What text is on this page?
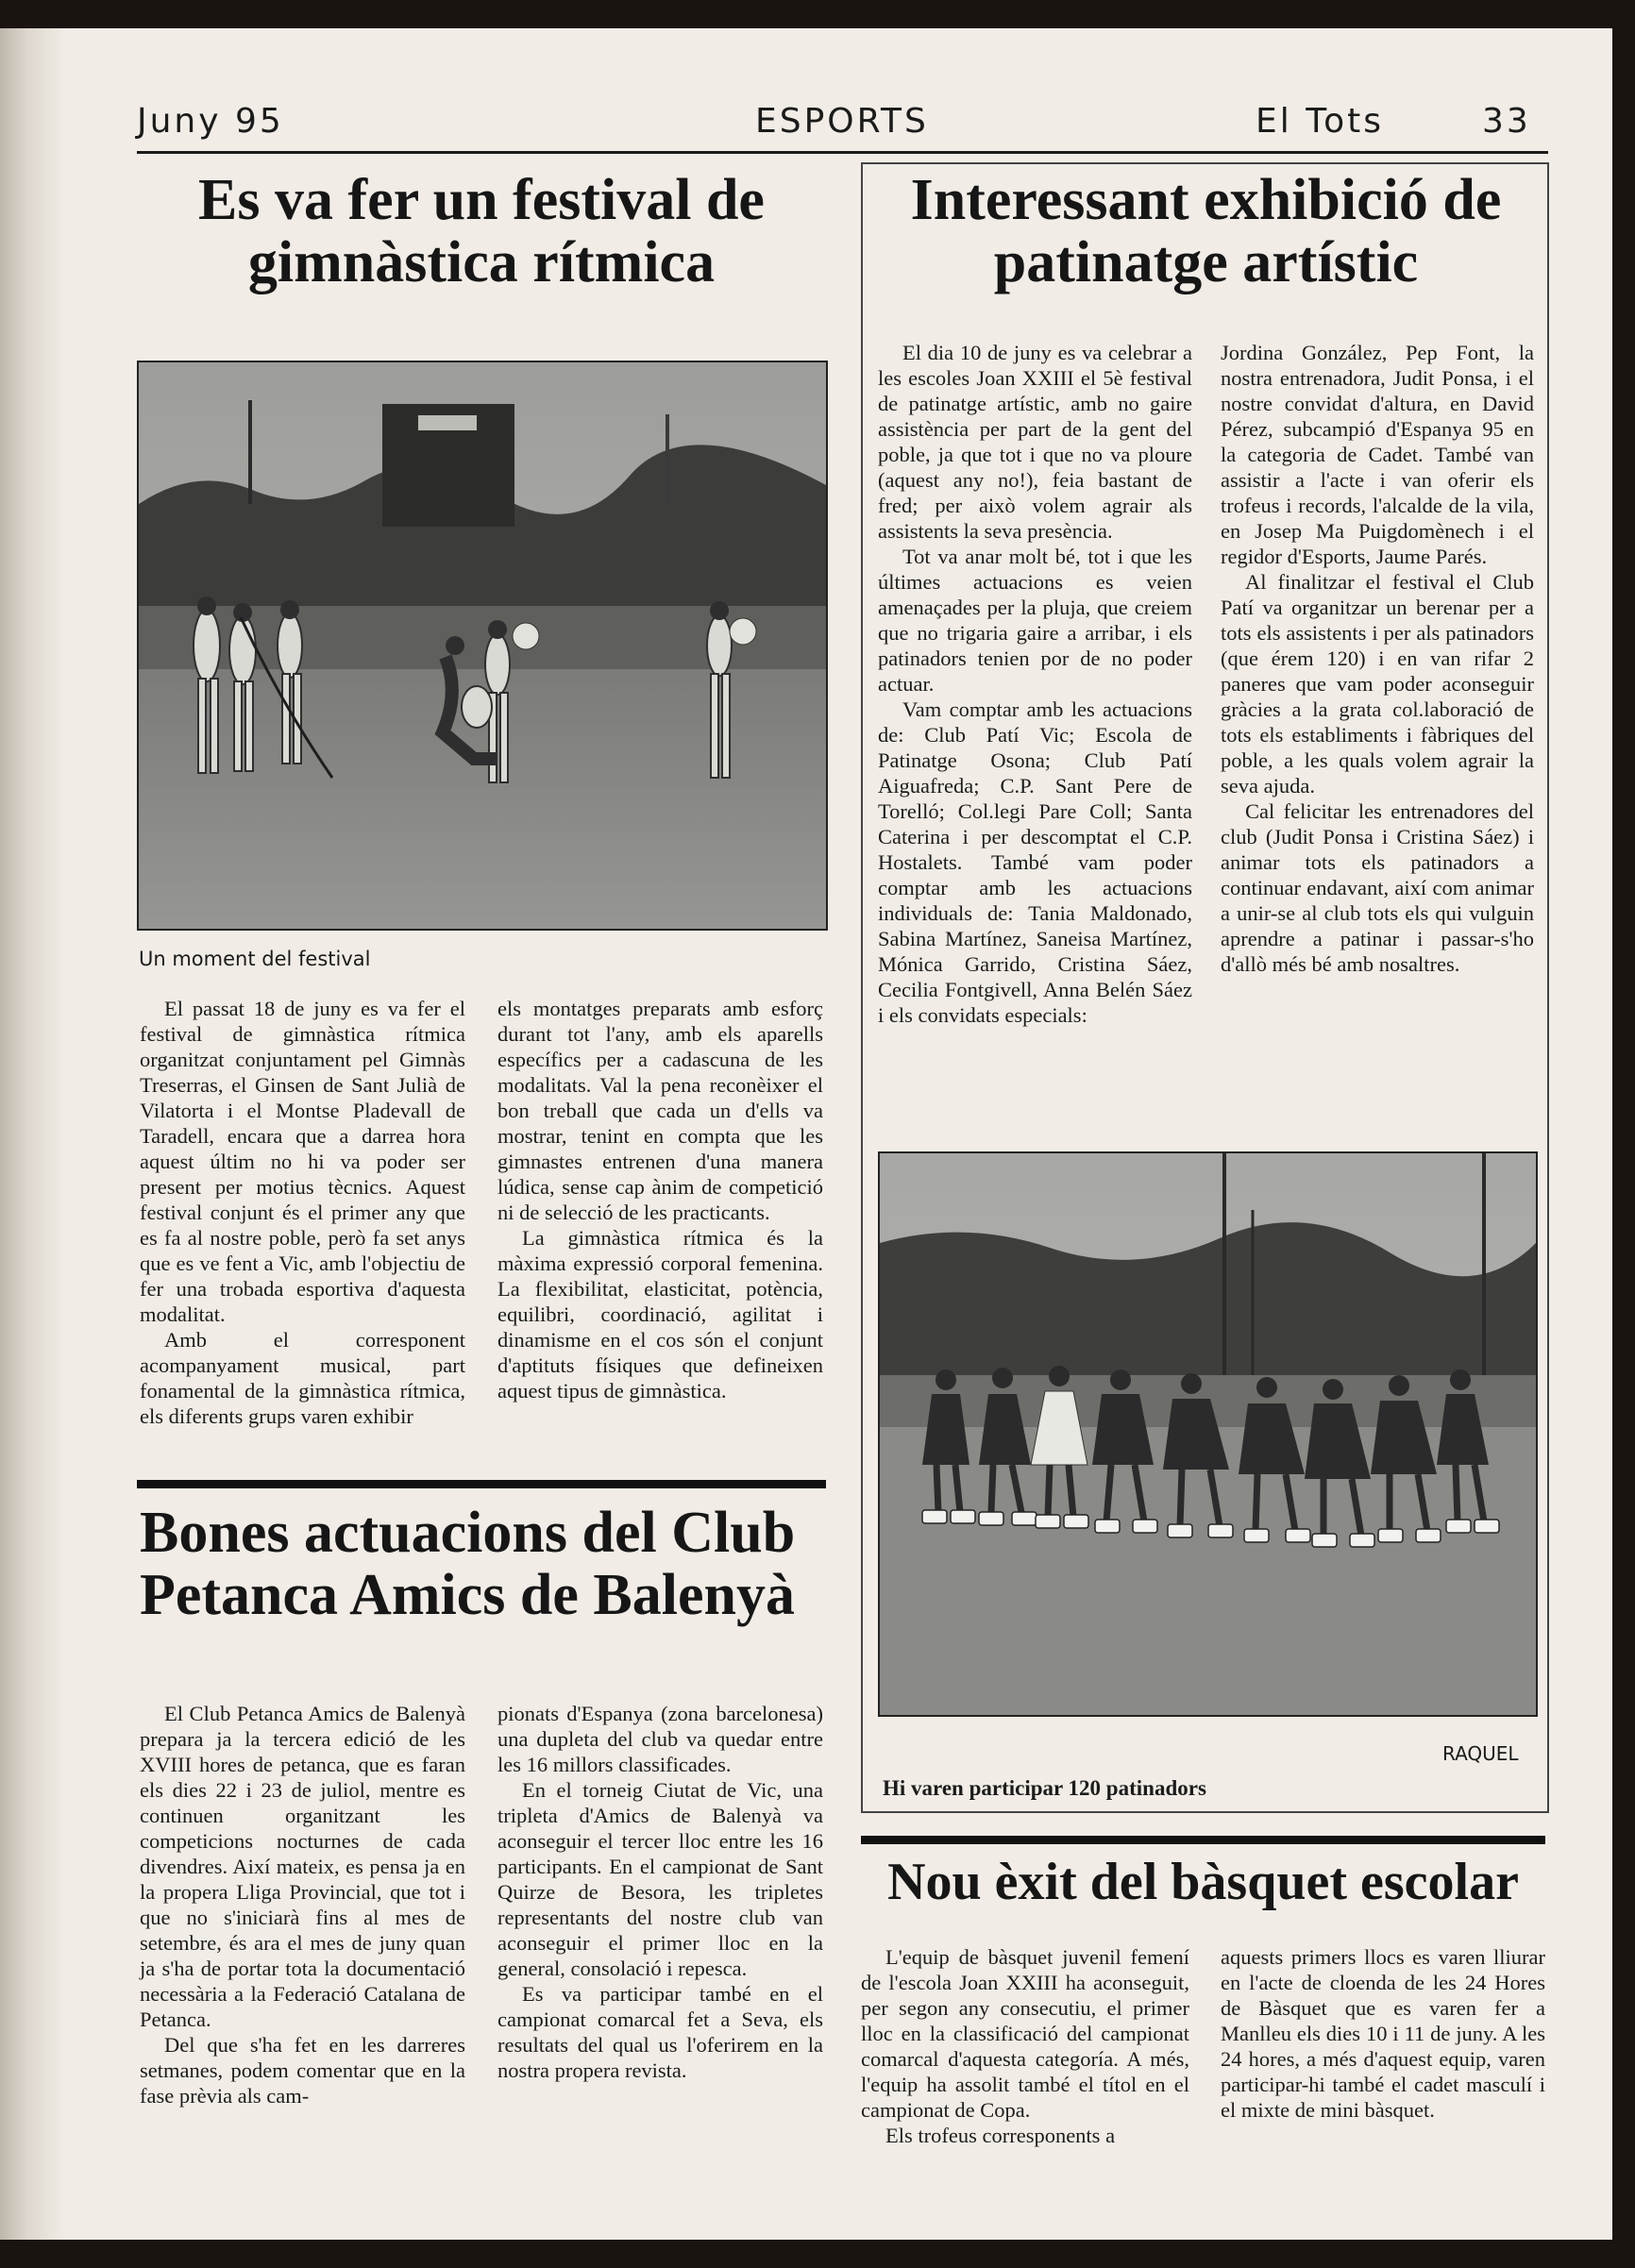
Juny 95	ESPORTS	El Tots	33
Es va fer un festival de gimnàstica rítmica
Un moment del festival

El passat 18 de juny es va fer el festival de gimnàstica rítmica organitzat conjuntament pel Gimnàs Treserras, el Ginsen de Sant Julià de Vilatorta i el Montse Pladevall de Taradell, encara que a darrea hora aquest últim no hi va poder ser present per motius tècnics. Aquest festival conjunt és el primer any que es fa al nostre poble, però fa set anys que es ve fent a Vic, amb l'objectiu de fer una trobada esportiva d'aquesta modalitat.

Amb el corresponent acompanyament musical, part fonamental de la gimnàstica rítmica, els diferents grups varen exhibir

els montatges preparats amb esforç durant tot l'any, amb els aparells específics per a cadascuna de les modalitats. Val la pena reconèixer el bon treball que cada un d'ells va mostrar, tenint en compta que les gimnastes entrenen d'una manera lúdica, sense cap ànim de competició ni de selecció de les practicants.

La gimnàstica rítmica és la màxima expressió corporal femenina. La flexibilitat, elasticitat, potència, equilibri, coordinació, agilitat i dinamisme en el cos són el conjunt d'aptituts físiques que defineixen aquest tipus de gimnàstica.

Bones actuacions del Club Petanca Amics de Balenyà

El Club Petanca Amics de Balenyà prepara ja la tercera edició de les XVIII hores de petanca, que es faran els dies 22 i 23 de juliol, mentre es continuen organitzant les competicions nocturnes de cada divendres. Així mateix, es pensa ja en la propera Lliga Provincial, que tot i que no s'iniciarà fins al mes de setembre, és ara el mes de juny quan ja s'ha de portar tota la documentació necessària a la Federació Catalana de Petanca.

Del que s'ha fet en les darreres setmanes, podem comentar que en la fase prèvia als cam-

pionats d'Espanya (zona barcelonesa) una dupleta del club va quedar entre les 16 millors classificades.

En el torneig Ciutat de Vic, una tripleta d'Amics de Balenyà va aconseguir el tercer lloc entre les 16 participants. En el campionat de Sant Quirze de Besora, les tripletes representants del nostre club van aconseguir el primer lloc en la general, consolació i repesca.

Es va participar també en el campionat comarcal fet a Seva, els resultats del qual us l'oferirem en la nostra propera revista.

Interessant exhibició de patinatge artístic

El dia 10 de juny es va celebrar a les escoles Joan XXIII el 5è festival de patinatge artístic, amb no gaire assistència per part de la gent del poble, ja que tot i que no va ploure (aquest any no!), feia bastant de fred; per això volem agrair als assistents la seva presència.

Tot va anar molt bé, tot i que les últimes actuacions es veien amenaçades per la pluja, que creiem que no trigaria gaire a arribar, i els patinadors tenien por de no poder actuar.

Vam comptar amb les actuacions de: Club Patí Vic; Escola de Patinatge Osona; Club Patí Aiguafreda; C.P. Sant Pere de Torelló; Col.legi Pare Coll; Santa Caterina i per descomptat el C.P. Hostalets. També vam poder comptar amb les actuacions individuals de: Tania Maldonado, Sabina Martínez, Saneisa Martínez, Mónica Garrido, Cristina Sáez, Cecilia Fontgivell, Anna Belén Sáez i els convidats especials:

Jordina González, Pep Font, la nostra entrenadora, Judit Ponsa, i el nostre convidat d'altura, en David Pérez, subcampió d'Espanya 95 en la categoria de Cadet. També van assistir a l'acte i van oferir els trofeus i records, l'alcalde de la vila, en Josep Ma Puigdomènech i el regidor d'Esports, Jaume Parés.

Al finalitzar el festival el Club Patí va organitzar un berenar per a tots els assistents i per als patinadors (que érem 120) i en van rifar 2 paneres que vam poder aconseguir gràcies a la grata col.laboració de tots els establiments i fàbriques del poble, a les quals volem agrair la seva ajuda.

Cal felicitar les entrenadores del club (Judit Ponsa i Cristina Sáez) i animar tots els patinadors a continuar endavant, així com animar a unir-se al club tots els qui vulguin aprendre a patinar i passar-s'ho d'allò més bé amb nosaltres.

RAQUEL
Hi varen participar 120 patinadors
Nou èxit del bàsquet escolar

L'equip de bàsquet juvenil femení de l'escola Joan XXIII ha aconseguit, per segon any consecutiu, el primer lloc en la classificació del campionat comarcal d'aquesta categoría. A més, l'equip ha assolit també el títol en el campionat de Copa.

Els trofeus corresponents a

aquests primers llocs es varen lliurar en l'acte de cloenda de les 24 Hores de Bàsquet que es varen fer a Manlleu els dies 10 i 11 de juny. A les 24 hores, a més d'aquest equip, varen participar-hi també el cadet masculí i el mixte de mini bàsquet.
